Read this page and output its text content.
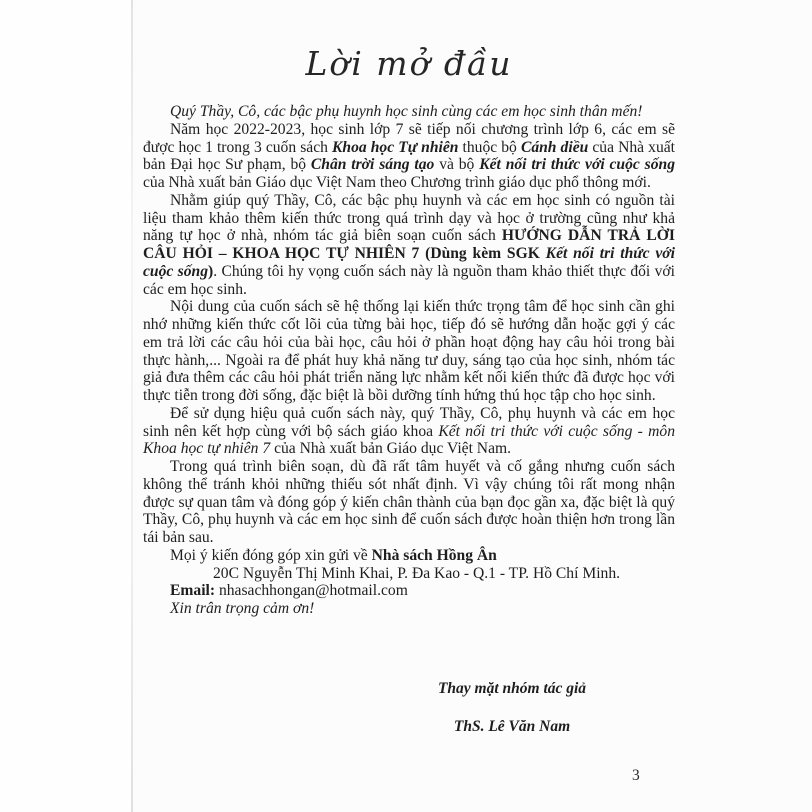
Lời mở đầu

Quý Thầy, Cô, các bậc phụ huynh học sinh cùng các em học sinh thân mến!

Năm học 2022-2023, học sinh lớp 7 sẽ tiếp nối chương trình lớp 6, các em sẽ được học 1 trong 3 cuốn sách Khoa học Tự nhiên thuộc bộ Cánh diều của Nhà xuất bản Đại học Sư phạm, bộ Chân trời sáng tạo và bộ Kết nối tri thức với cuộc sống của Nhà xuất bản Giáo dục Việt Nam theo Chương trình giáo dục phổ thông mới.

Nhằm giúp quý Thầy, Cô, các bậc phụ huynh và các em học sinh có nguồn tài liệu tham khảo thêm kiến thức trong quá trình dạy và học ở trường cũng như khả năng tự học ở nhà, nhóm tác giả biên soạn cuốn sách HƯỚNG DẪN TRẢ LỜI CÂU HỎI – KHOA HỌC TỰ NHIÊN 7 (Dùng kèm SGK Kết nối tri thức với cuộc sống). Chúng tôi hy vọng cuốn sách này là nguồn tham khảo thiết thực đối với các em học sinh.

Nội dung của cuốn sách sẽ hệ thống lại kiến thức trọng tâm để học sinh cần ghi nhớ những kiến thức cốt lõi của từng bài học, tiếp đó sẽ hướng dẫn hoặc gợi ý các em trả lời các câu hỏi của bài học, câu hỏi ở phần hoạt động hay câu hỏi trong bài thực hành,... Ngoài ra để phát huy khả năng tư duy, sáng tạo của học sinh, nhóm tác giả đưa thêm các câu hỏi phát triển năng lực nhằm kết nối kiến thức đã được học với thực tiễn trong đời sống, đặc biệt là bồi dưỡng tính hứng thú học tập cho học sinh.

Để sử dụng hiệu quả cuốn sách này, quý Thầy, Cô, phụ huynh và các em học sinh nên kết hợp cùng với bộ sách giáo khoa Kết nối tri thức với cuộc sống - môn Khoa học tự nhiên 7 của Nhà xuất bản Giáo dục Việt Nam.

Trong quá trình biên soạn, dù đã rất tâm huyết và cố gắng nhưng cuốn sách không thể tránh khỏi những thiếu sót nhất định. Vì vậy chúng tôi rất mong nhận được sự quan tâm và đóng góp ý kiến chân thành của bạn đọc gần xa, đặc biệt là quý Thầy, Cô, phụ huynh và các em học sinh để cuốn sách được hoàn thiện hơn trong lần tái bản sau.

Mọi ý kiến đóng góp xin gửi về Nhà sách Hồng Ân

20C Nguyễn Thị Minh Khai, P. Đa Kao - Q.1 - TP. Hồ Chí Minh.

Email: nhasachhongan@hotmail.com

Xin trân trọng cảm ơn!

Thay mặt nhóm tác giả

ThS. Lê Văn Nam

3
